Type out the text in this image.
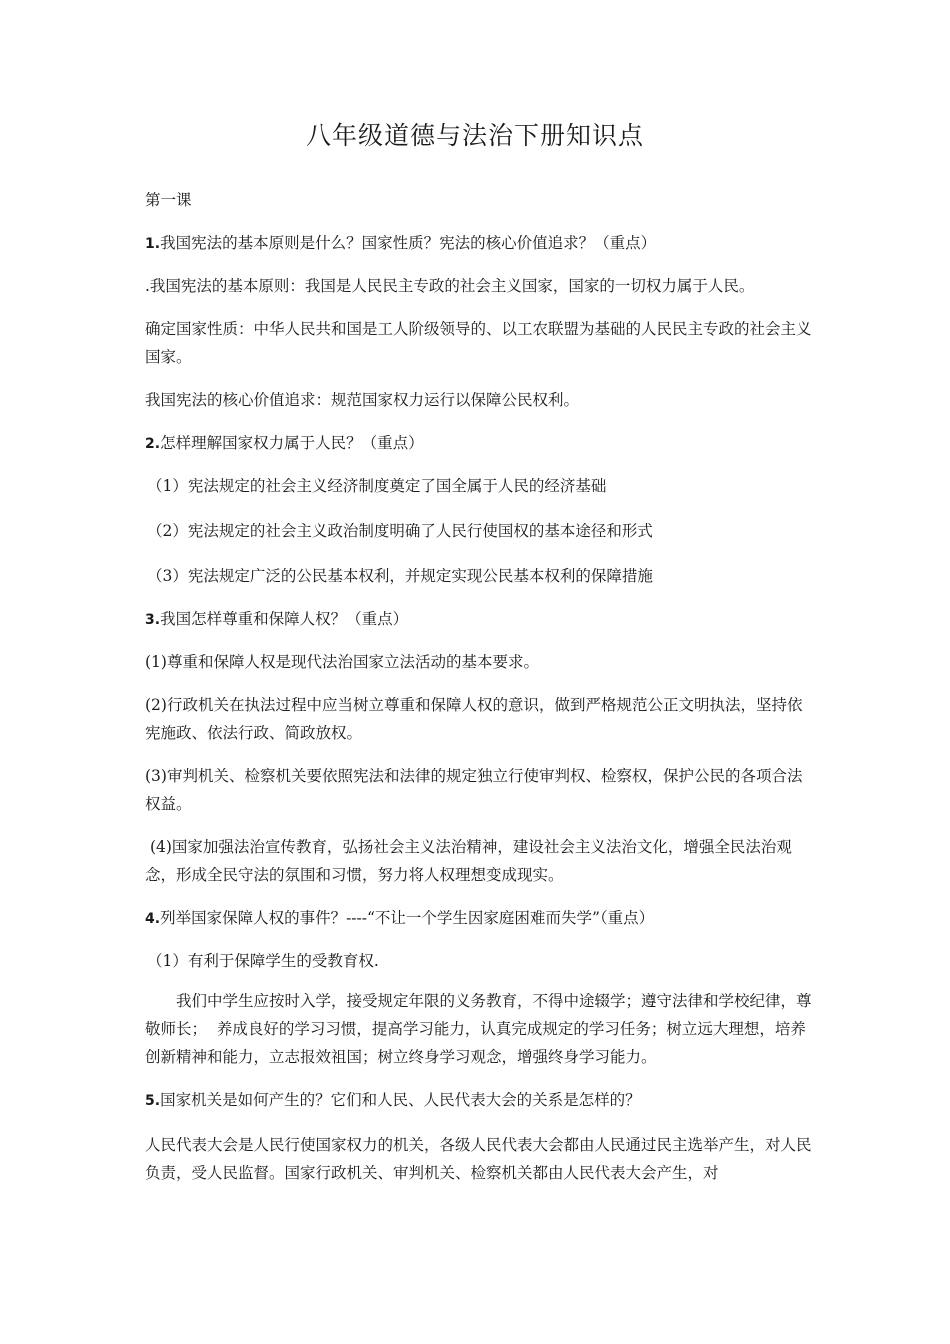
八年级道德与法治下册知识点

第一课

1.我国宪法的基本原则是什么？国家性质？宪法的核心价值追求？（重点）

.我国宪法的基本原则：我国是人民民主专政的社会主义国家，国家的一切权力属于人民。

确定国家性质：中华人民共和国是工人阶级领导的、以工农联盟为基础的人民民主专政的社会主义国家。

我国宪法的核心价值追求：规范国家权力运行以保障公民权利。

2.怎样理解国家权力属于人民？（重点）

（1）宪法规定的社会主义经济制度奠定了国全属于人民的经济基础

（2）宪法规定的社会主义政治制度明确了人民行使国权的基本途径和形式

（3）宪法规定广泛的公民基本权利，并规定实现公民基本权利的保障措施

3.我国怎样尊重和保障人权？（重点）

(1)尊重和保障人权是现代法治国家立法活动的基本要求。

(2)行政机关在执法过程中应当树立尊重和保障人权的意识，做到严格规范公正文明执法，坚持依宪施政、依法行政、简政放权。

(3)审判机关、检察机关要依照宪法和法律的规定独立行使审判权、检察权，保护公民的各项合法权益。

(4)国家加强法治宣传教育，弘扬社会主义法治精神，建设社会主义法治文化，增强全民法治观念，形成全民守法的氛围和习惯，努力将人权理想变成现实。

4.列举国家保障人权的事件？----“不让一个学生因家庭困难而失学”（重点）

（1）有利于保障学生的受教育权.

我们中学生应按时入学，接受规定年限的义务教育，不得中途辍学；遵守法律和学校纪律，尊敬师长；  养成良好的学习习惯，提高学习能力，认真完成规定的学习任务；树立远大理想，培养创新精神和能力，立志报效祖国；树立终身学习观念，增强终身学习能力。

5.国家机关是如何产生的？它们和人民、人民代表大会的关系是怎样的？

人民代表大会是人民行使国家权力的机关，各级人民代表大会都由人民通过民主选举产生，对人民负责，受人民监督。国家行政机关、审判机关、检察机关都由人民代表大会产生，对
